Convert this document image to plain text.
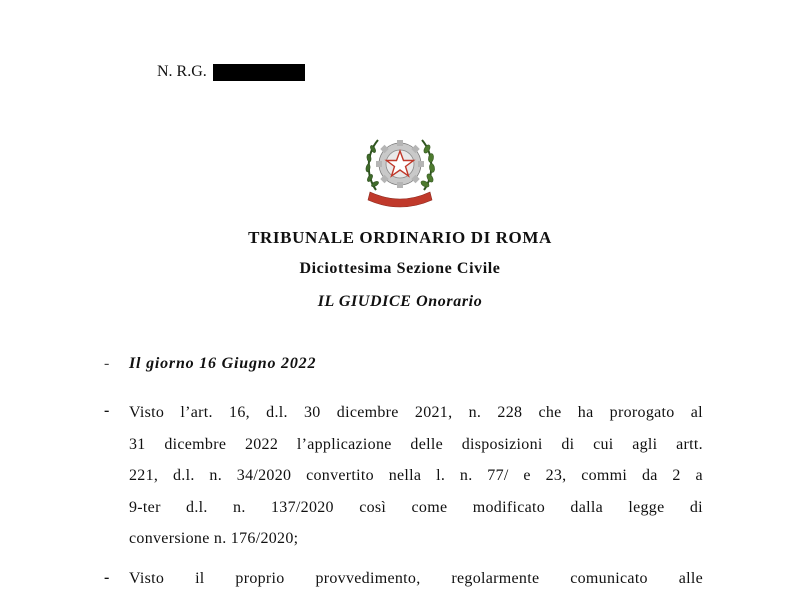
N. R.G.
TRIBUNALE ORDINARIO DI ROMA
Diciottesima Sezione Civile
IL GIUDICE Onorario
- Il giorno 16 Giugno 2022
- Visto l’art. 16, d.l. 30 dicembre 2021, n. 228 che ha prorogato al
31 dicembre 2022 l’applicazione delle disposizioni di cui agli artt.
221, d.l. n. 34/2020 convertito nella l. n. 77/ e 23, commi da 2 a
9-ter d.l. n. 137/2020 così come modificato dalla legge di
conversione n. 176/2020;
- Visto il proprio provvedimento, regolarmente comunicato alle
